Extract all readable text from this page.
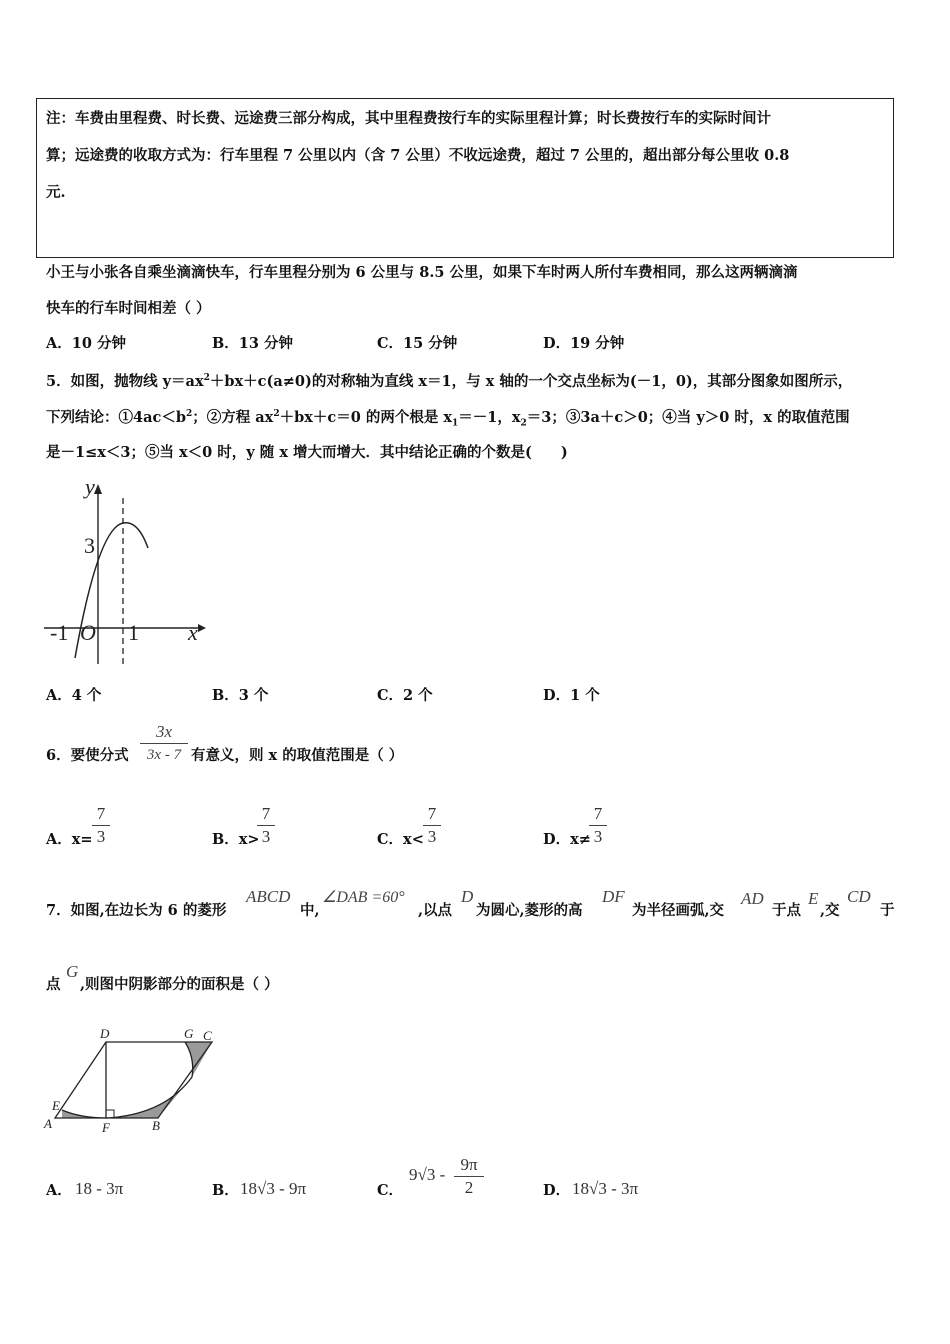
注：车费由里程费、时长费、远途费三部分构成，其中里程费按行车的实际里程计算；时长费按行车的实际时间计
算；远途费的收取方式为：行车里程 7 公里以内（含 7 公里）不收远途费，超过 7 公里的，超出部分每公里收 0.8
元.
小王与小张各自乘坐滴滴快车，行车里程分别为 6 公里与 8.5 公里，如果下车时两人所付车费相同，那么这两辆滴滴
快车的行车时间相差（ ）
A．10 分钟	B．13 分钟	C．15 分钟	D．19 分钟
5．如图，抛物线 $y=ax^2+bx+c(a\ne 0)$的对称轴为直线 x＝1，与 x 轴的一个交点坐标为(－1，0)，其部分图象如图所示，
下列结论：$①4ac<b^2$；②方程 $ax^2+bx+c=0$ 的两个根是 $x_1=-1$，$x_2=3$；③3a＋c＞0；④当 y＞0 时，x 的取值范围
是－1≤x＜3；⑤当 x＜0 时，y 随 x 增大而增大．其中结论正确的个数是(　　)
y
x
3
-1 O 1
A．4 个	B．3 个	C．2 个	D．1 个
6．要使分式
3x
3x - 7 有意义，则 x 的取值范围是（ ）
A．x=
7
3	B．x>
7
3	C．x<
7
3	D．x≠
7
3
7．如图,在边长为 6 的菱形
ABCD
中,
∠DAB =60°
,以点
D
为圆心,菱形的高
DF
为半径画弧,交
AD
于点
E
,交
CD
于
点
G
,则图中阴影部分的面积是（ ）
D	G C
E
A	F	B
A． 18 - 3π	B． 18√3 - 9π	C．
9√3 -
9π
2	D． 18√3 - 3π
